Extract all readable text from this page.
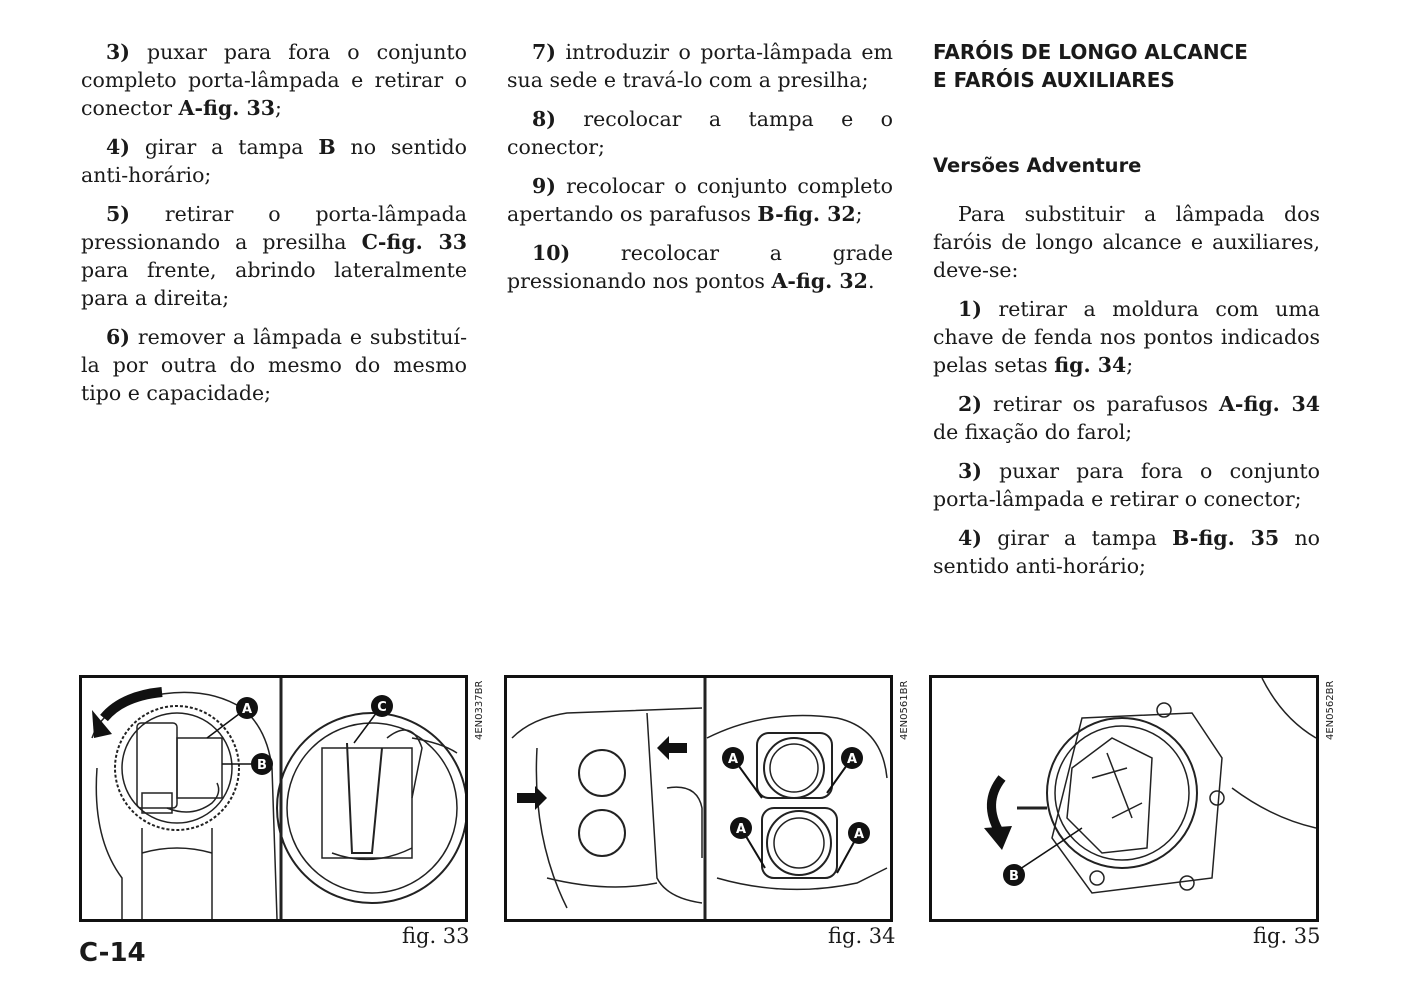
3) puxar para fora o conjunto completo porta-lâmpada e retirar o conector A-fig. 33;

4) girar a tampa B no sentido anti-horário;

5) retirar o porta-lâmpada pressionando a presilha C-fig. 33 para frente, abrindo lateralmente para a direita;

6) remover a lâmpada e substituí-la por outra do mesmo do mesmo tipo e capacidade;

7) introduzir o porta-lâmpada em sua sede e travá-lo com a presilha;

8) recolocar a tampa e o conector;

9) recolocar o conjunto completo apertando os parafusos B-fig. 32;

10) recolocar a grade pressionando nos pontos A-fig. 32.

FARÓIS DE LONGO ALCANCE
E FARÓIS AUXILIARES

Versões Adventure

Para substituir a lâmpada dos faróis de longo alcance e auxiliares, deve-se:

1) retirar a moldura com uma chave de fenda nos pontos indicados pelas setas fig. 34;

2) retirar os parafusos A-fig. 34 de fixação do farol;

3) puxar para fora o conjunto porta-lâmpada e retirar o conector;

4) girar a tampa B-fig. 35 no sentido anti-horário;

A
B
C	4EN0337BR
fig. 33
A	A
A	A
4EN0561BR
fig. 34
B
4EN0562BR
fig. 35
C-14
